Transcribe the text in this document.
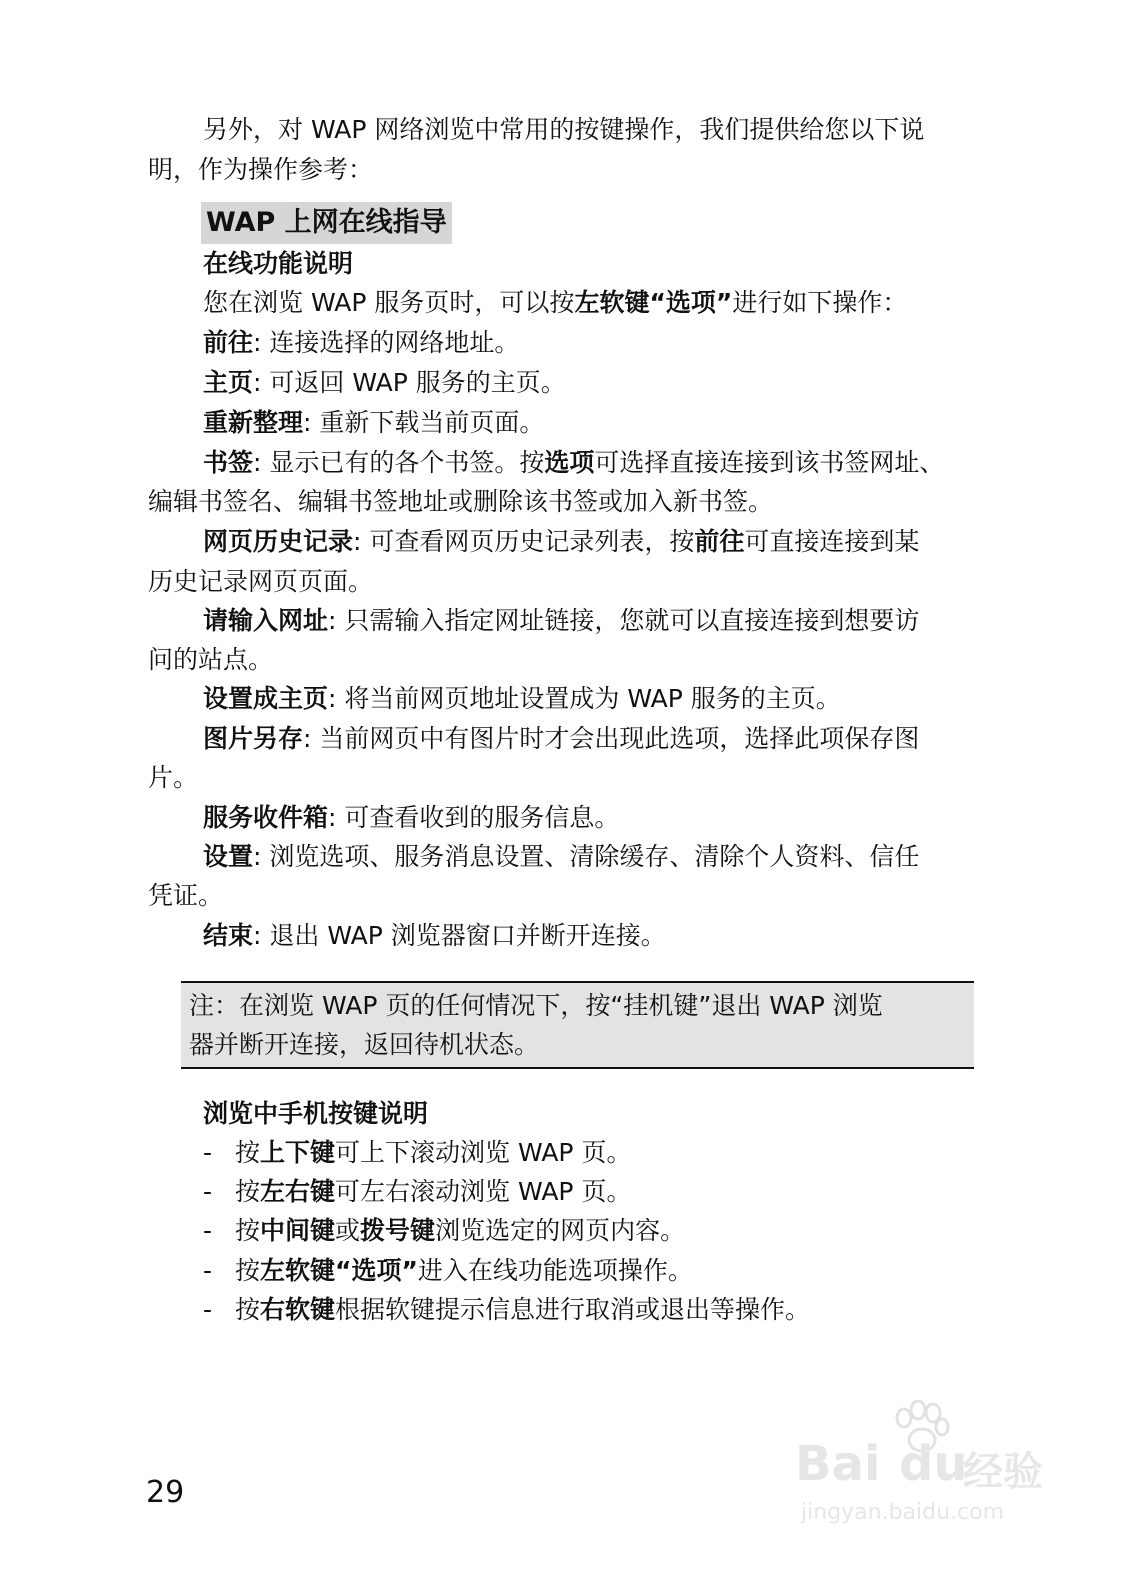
另外，对 WAP 网络浏览中常用的按键操作，我们提供给您以下说
明，作为操作参考：
WAP 上网在线指导
在线功能说明
您在浏览 WAP 服务页时，可以按左软键“选项”进行如下操作：
前往: 连接选择的网络地址。
主页: 可返回 WAP 服务的主页。
重新整理: 重新下载当前页面。
书签: 显示已有的各个书签。按选项可选择直接连接到该书签网址、
编辑书签名、编辑书签地址或删除该书签或加入新书签。
网页历史记录: 可查看网页历史记录列表，按前往可直接连接到某
历史记录网页页面。
请输入网址: 只需输入指定网址链接，您就可以直接连接到想要访
问的站点。
设置成主页: 将当前网页地址设置成为 WAP 服务的主页。
图片另存: 当前网页中有图片时才会出现此选项，选择此项保存图
片。
服务收件箱: 可查看收到的服务信息。
设置: 浏览选项、服务消息设置、清除缓存、清除个人资料、信任
凭证。
结束: 退出 WAP 浏览器窗口并断开连接。
注：在浏览 WAP 页的任何情况下，按“挂机键”退出 WAP 浏览
器并断开连接，返回待机状态。
浏览中手机按键说明
- 按上下键可上下滚动浏览 WAP 页。
- 按左右键可左右滚动浏览 WAP 页。
- 按中间键或拨号键浏览选定的网页内容。
- 按左软键“选项”进入在线功能选项操作。
- 按右软键根据软键提示信息进行取消或退出等操作。
29
Bai du
经验
jingyan.baidu.com
